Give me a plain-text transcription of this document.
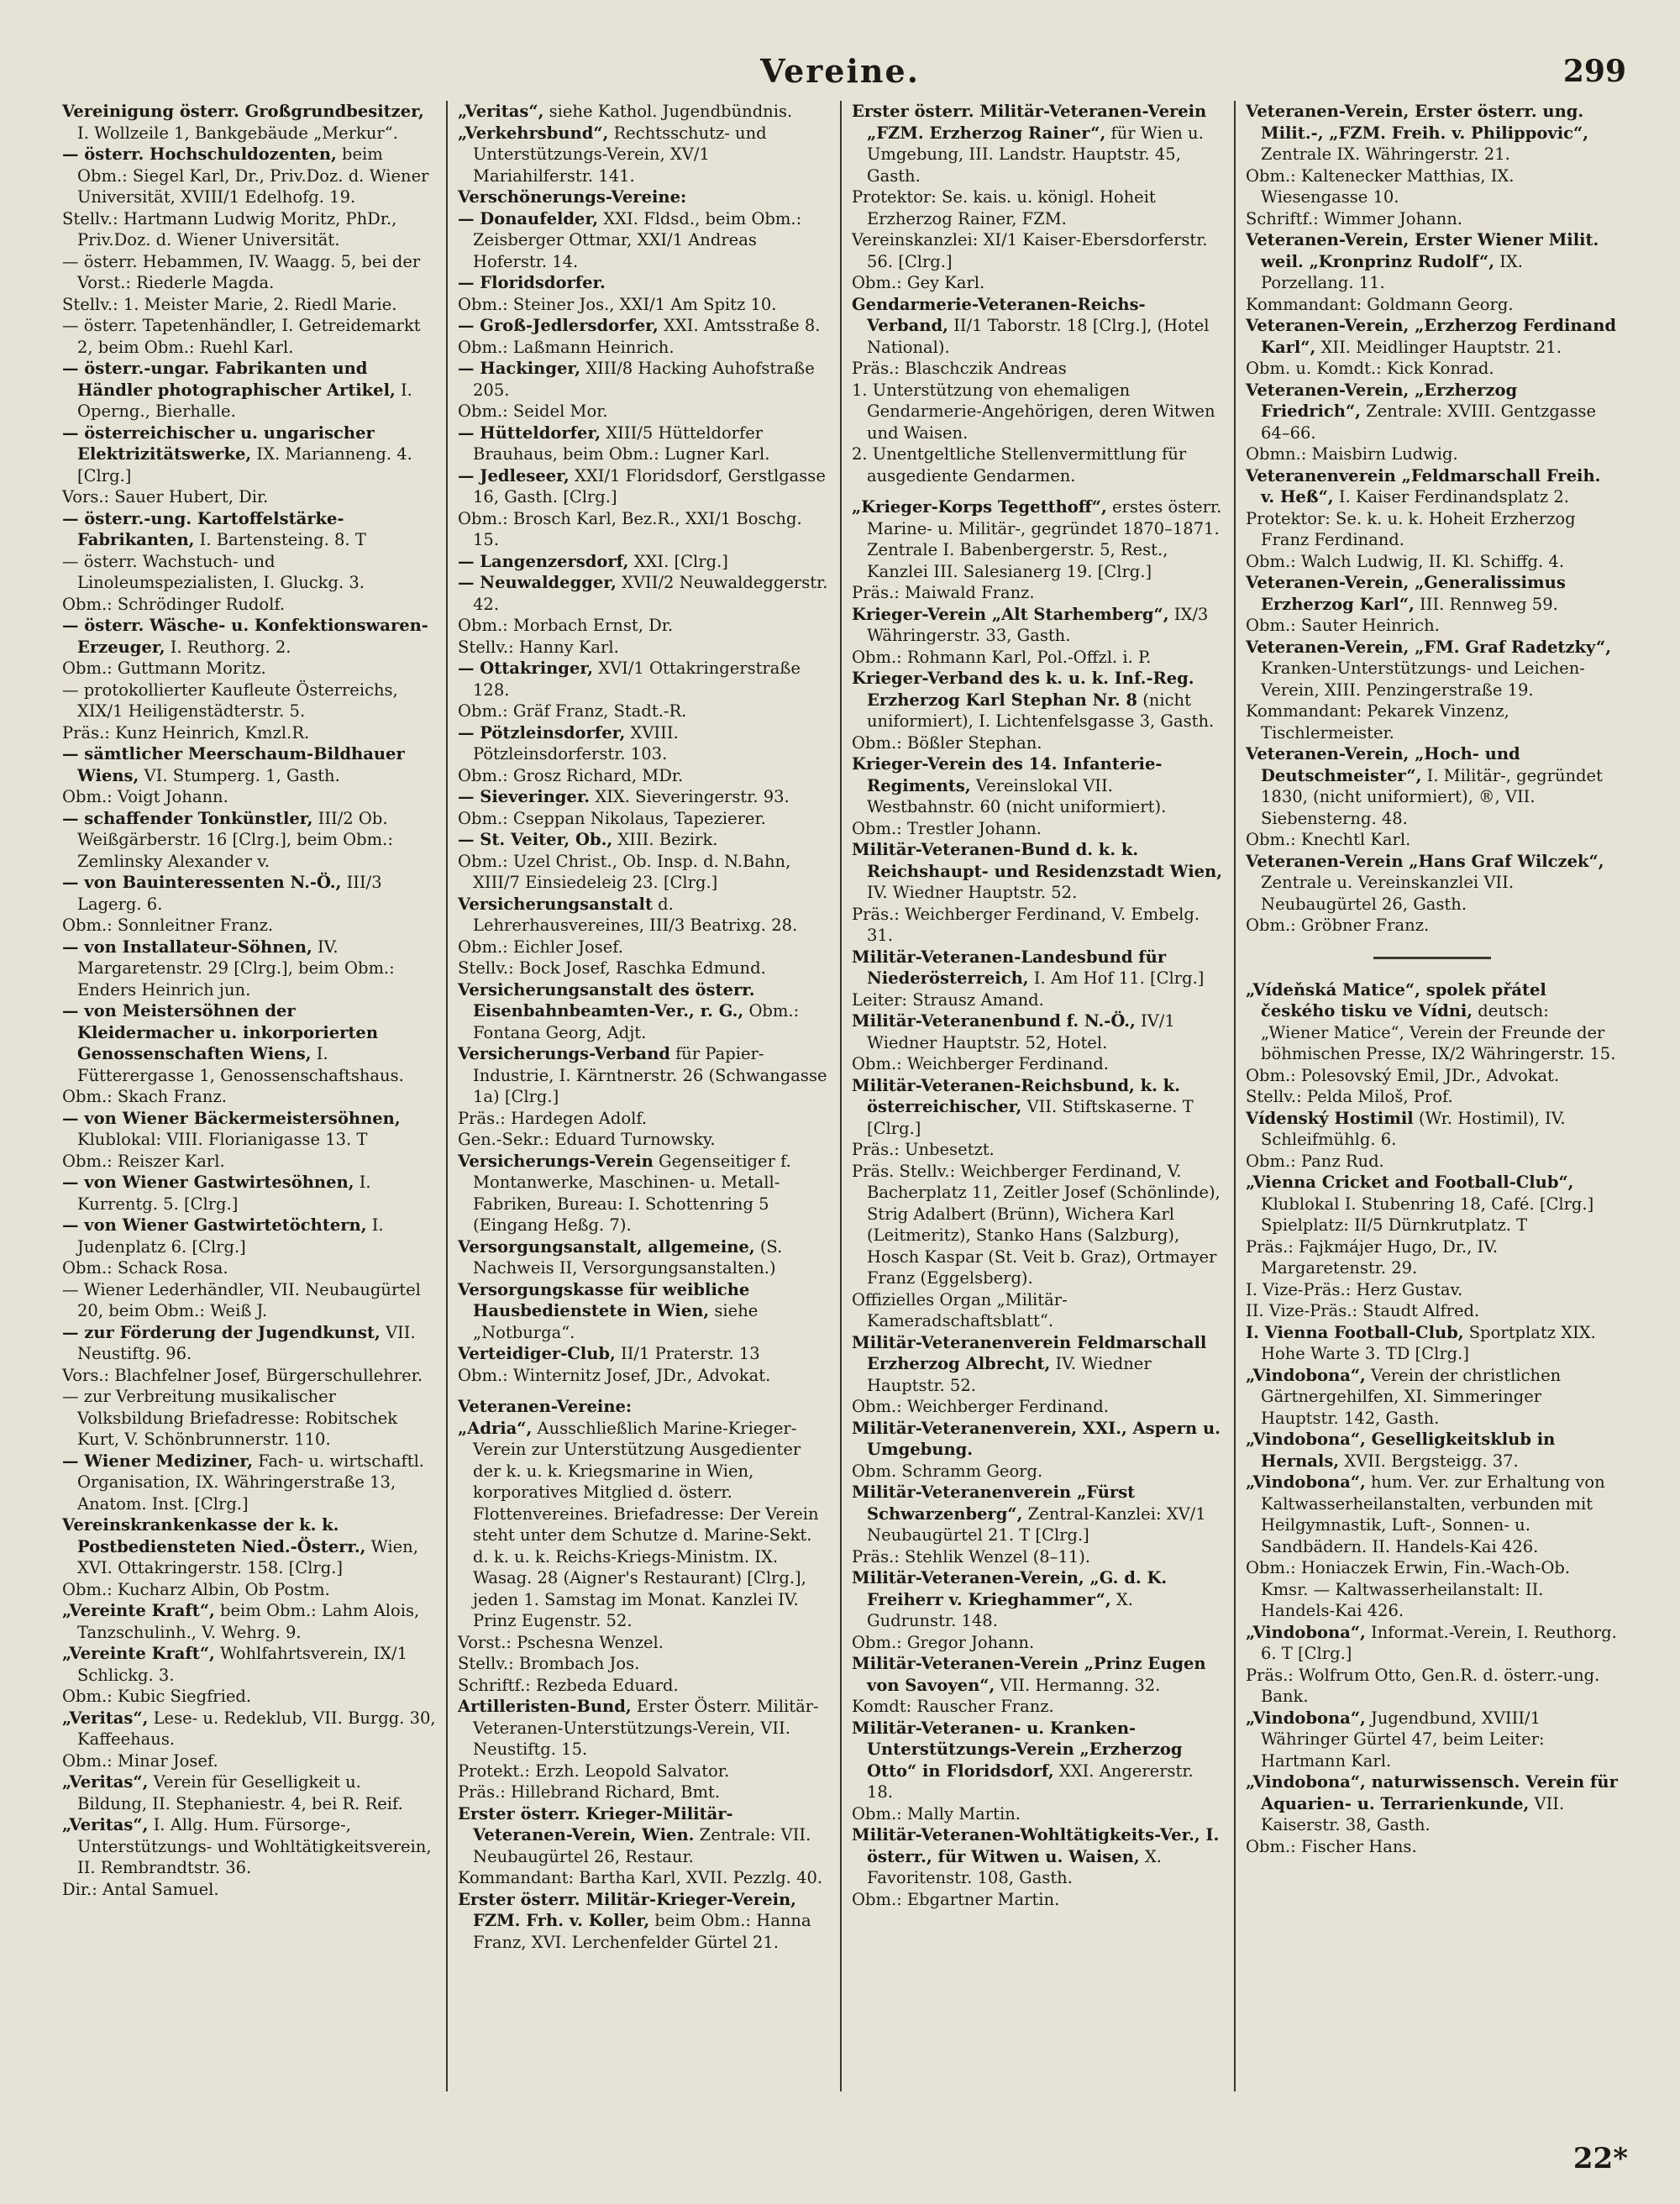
Vereine.	299

Vereinigung österr. Großgrundbesitzer, I. Wollzeile 1, Bankgebäude „Merkur“.

— österr. Hochschuldozenten, beim Obm.: Siegel Karl, Dr., Priv.Doz. d. Wiener Universität, XVIII/1 Edelhofg. 19.

Stellv.: Hartmann Ludwig Moritz, PhDr., Priv.Doz. d. Wiener Universität.

— österr. Hebammen, IV. Waagg. 5, bei der Vorst.: Riederle Magda.

Stellv.: 1. Meister Marie, 2. Riedl Marie.

— österr. Tapetenhändler, I. Getreidemarkt 2, beim Obm.: Ruehl Karl.

— österr.-ungar. Fabrikanten und Händler photographischer Artikel, I. Operng., Bierhalle.

— österreichischer u. ungarischer Elektrizitätswerke, IX. Marianneng. 4. [Clrg.]

Vors.: Sauer Hubert, Dir.

— österr.-ung. Kartoffelstärke-Fabrikanten, I. Bartensteing. 8. T

— österr. Wachstuch- und Linoleumspezialisten, I. Gluckg. 3.

Obm.: Schrödinger Rudolf.

— österr. Wäsche- u. Konfektionswaren-Erzeuger, I. Reuthorg. 2.

Obm.: Guttmann Moritz.

— protokollierter Kaufleute Österreichs, XIX/1 Heiligenstädterstr. 5.

Präs.: Kunz Heinrich, Kmzl.R.

— sämtlicher Meerschaum-Bildhauer Wiens, VI. Stumperg. 1, Gasth.

Obm.: Voigt Johann.

— schaffender Tonkünstler, III/2 Ob. Weißgärberstr. 16 [Clrg.], beim Obm.: Zemlinsky Alexander v.

— von Bauinteressenten N.-Ö., III/3 Lagerg. 6.

Obm.: Sonnleitner Franz.

— von Installateur-Söhnen, IV. Margaretenstr. 29 [Clrg.], beim Obm.: Enders Heinrich jun.

— von Meistersöhnen der Kleidermacher u. inkorporierten Genossenschaften Wiens, I. Fütterergasse 1, Genossenschaftshaus.

Obm.: Skach Franz.

— von Wiener Bäckermeistersöhnen, Klublokal: VIII. Florianigasse 13. T

Obm.: Reiszer Karl.

— von Wiener Gastwirtesöhnen, I. Kurrentg. 5. [Clrg.]

— von Wiener Gastwirtetöchtern, I. Judenplatz 6. [Clrg.]

Obm.: Schack Rosa.

— Wiener Lederhändler, VII. Neubaugürtel 20, beim Obm.: Weiß J.

— zur Förderung der Jugendkunst, VII. Neustiftg. 96.

Vors.: Blachfelner Josef, Bürgerschullehrer.

— zur Verbreitung musikalischer Volksbildung Briefadresse: Robitschek Kurt, V. Schönbrunnerstr. 110.

— Wiener Mediziner, Fach- u. wirtschaftl. Organisation, IX. Währingerstraße 13, Anatom. Inst. [Clrg.]

Vereinskrankenkasse der k. k. Postbediensteten Nied.-Österr., Wien, XVI. Ottakringerstr. 158. [Clrg.]

Obm.: Kucharz Albin, Ob Postm.

„Vereinte Kraft“, beim Obm.: Lahm Alois, Tanzschulinh., V. Wehrg. 9.

„Vereinte Kraft“, Wohlfahrtsverein, IX/1 Schlickg. 3.

Obm.: Kubic Siegfried.

„Veritas“, Lese- u. Redeklub, VII. Burgg. 30, Kaffeehaus.

Obm.: Minar Josef.

„Veritas“, Verein für Geselligkeit u. Bildung, II. Stephaniestr. 4, bei R. Reif.

„Veritas“, I. Allg. Hum. Fürsorge-, Unterstützungs- und Wohltätigkeitsverein, II. Rembrandtstr. 36.

Dir.: Antal Samuel.

„Veritas“, siehe Kathol. Jugendbündnis.

„Verkehrsbund“, Rechtsschutz- und Unterstützungs-Verein, XV/1 Mariahilferstr. 141.

Verschönerungs-Vereine:

— Donaufelder, XXI. Fldsd., beim Obm.: Zeisberger Ottmar, XXI/1 Andreas Hoferstr. 14.

— Floridsdorfer.

Obm.: Steiner Jos., XXI/1 Am Spitz 10.

— Groß-Jedlersdorfer, XXI. Amtsstraße 8.

Obm.: Laßmann Heinrich.

— Hackinger, XIII/8 Hacking Auhofstraße 205.

Obm.: Seidel Mor.

— Hütteldorfer, XIII/5 Hütteldorfer Brauhaus, beim Obm.: Lugner Karl.

— Jedleseer, XXI/1 Floridsdorf, Gerstlgasse 16, Gasth. [Clrg.]

Obm.: Brosch Karl, Bez.R., XXI/1 Boschg. 15.

— Langenzersdorf, XXI. [Clrg.]

— Neuwaldegger, XVII/2 Neuwaldeggerstr. 42.

Obm.: Morbach Ernst, Dr.

Stellv.: Hanny Karl.

— Ottakringer, XVI/1 Ottakringerstraße 128.

Obm.: Gräf Franz, Stadt.-R.

— Pötzleinsdorfer, XVIII. Pötzleinsdorferstr. 103.

Obm.: Grosz Richard, MDr.

— Sieveringer. XIX. Sieveringerstr. 93.

Obm.: Cseppan Nikolaus, Tapezierer.

— St. Veiter, Ob., XIII. Bezirk.

Obm.: Uzel Christ., Ob. Insp. d. N.Bahn, XIII/7 Einsiedeleig 23. [Clrg.]

Versicherungsanstalt d. Lehrerhausvereines, III/3 Beatrixg. 28.

Obm.: Eichler Josef.

Stellv.: Bock Josef, Raschka Edmund.

Versicherungsanstalt des österr. Eisenbahnbeamten-Ver., r. G., Obm.: Fontana Georg, Adjt.

Versicherungs-Verband für Papier-Industrie, I. Kärntnerstr. 26 (Schwangasse 1a) [Clrg.]

Präs.: Hardegen Adolf.

Gen.-Sekr.: Eduard Turnowsky.

Versicherungs-Verein Gegenseitiger f. Montanwerke, Maschinen- u. Metall-Fabriken, Bureau: I. Schottenring 5 (Eingang Heßg. 7).

Versorgungsanstalt, allgemeine, (S. Nachweis II, Versorgungsanstalten.)

Versorgungskasse für weibliche Hausbedienstete in Wien, siehe „Notburga“.

Verteidiger-Club, II/1 Praterstr. 13

Obm.: Winternitz Josef, JDr., Advokat.

Veteranen-Vereine:

„Adria“, Ausschließlich Marine-Krieger-Verein zur Unterstützung Ausgedienter der k. u. k. Kriegsmarine in Wien, korporatives Mitglied d. österr. Flottenvereines. Briefadresse: Der Verein steht unter dem Schutze d. Marine-Sekt. d. k. u. k. Reichs-Kriegs-Ministm. IX. Wasag. 28 (Aigner's Restaurant) [Clrg.], jeden 1. Samstag im Monat. Kanzlei IV. Prinz Eugenstr. 52.

Vorst.: Pschesna Wenzel.

Stellv.: Brombach Jos.

Schriftf.: Rezbeda Eduard.

Artilleristen-Bund, Erster Österr. Militär-Veteranen-Unterstützungs-Verein, VII. Neustiftg. 15.

Protekt.: Erzh. Leopold Salvator.

Präs.: Hillebrand Richard, Bmt.

Erster österr. Krieger-Militär-Veteranen-Verein, Wien. Zentrale: VII. Neubaugürtel 26, Restaur.

Kommandant: Bartha Karl, XVII. Pezzlg. 40.

Erster österr. Militär-Krieger-Verein, FZM. Frh. v. Koller, beim Obm.: Hanna Franz, XVI. Lerchenfelder Gürtel 21.

Erster österr. Militär-Veteranen-Verein „FZM. Erzherzog Rainer“, für Wien u. Umgebung, III. Landstr. Hauptstr. 45, Gasth.

Protektor: Se. kais. u. königl. Hoheit Erzherzog Rainer, FZM.

Vereinskanzlei: XI/1 Kaiser-Ebersdorferstr. 56. [Clrg.]

Obm.: Gey Karl.

Gendarmerie-Veteranen-Reichs-Verband, II/1 Taborstr. 18 [Clrg.], (Hotel National).

Präs.: Blaschczik Andreas

1. Unterstützung von ehemaligen Gendarmerie-Angehörigen, deren Witwen und Waisen.

2. Unentgeltliche Stellenvermittlung für ausgediente Gendarmen.

„Krieger-Korps Tegetthoff“, erstes österr. Marine- u. Militär-, gegründet 1870–1871. Zentrale I. Babenbergerstr. 5, Rest., Kanzlei III. Salesianerg 19. [Clrg.]

Präs.: Maiwald Franz.

Krieger-Verein „Alt Starhemberg“, IX/3 Währingerstr. 33, Gasth.

Obm.: Rohmann Karl, Pol.-Offzl. i. P.

Krieger-Verband des k. u. k. Inf.-Reg. Erzherzog Karl Stephan Nr. 8 (nicht uniformiert), I. Lichtenfelsgasse 3, Gasth.

Obm.: Bößler Stephan.

Krieger-Verein des 14. Infanterie-Regiments, Vereinslokal VII. Westbahnstr. 60 (nicht uniformiert).

Obm.: Trestler Johann.

Militär-Veteranen-Bund d. k. k. Reichshaupt- und Residenzstadt Wien, IV. Wiedner Hauptstr. 52.

Präs.: Weichberger Ferdinand, V. Embelg. 31.

Militär-Veteranen-Landesbund für Niederösterreich, I. Am Hof 11. [Clrg.]

Leiter: Strausz Amand.

Militär-Veteranenbund f. N.-Ö., IV/1 Wiedner Hauptstr. 52, Hotel.

Obm.: Weichberger Ferdinand.

Militär-Veteranen-Reichsbund, k. k. österreichischer, VII. Stiftskaserne. T [Clrg.]

Präs.: Unbesetzt.

Präs. Stellv.: Weichberger Ferdinand, V. Bacherplatz 11, Zeitler Josef (Schönlinde), Strig Adalbert (Brünn), Wichera Karl (Leitmeritz), Stanko Hans (Salzburg), Hosch Kaspar (St. Veit b. Graz), Ortmayer Franz (Eggelsberg).

Offizielles Organ „Militär-Kameradschaftsblatt“.

Militär-Veteranenverein Feldmarschall Erzherzog Albrecht, IV. Wiedner Hauptstr. 52.

Obm.: Weichberger Ferdinand.

Militär-Veteranenverein, XXI., Aspern u. Umgebung.

Obm. Schramm Georg.

Militär-Veteranenverein „Fürst Schwarzenberg“, Zentral-Kanzlei: XV/1 Neubaugürtel 21. T [Clrg.]

Präs.: Stehlik Wenzel (8–11).

Militär-Veteranen-Verein, „G. d. K. Freiherr v. Krieghammer“, X. Gudrunstr. 148.

Obm.: Gregor Johann.

Militär-Veteranen-Verein „Prinz Eugen von Savoyen“, VII. Hermanng. 32.

Komdt: Rauscher Franz.

Militär-Veteranen- u. Kranken-Unterstützungs-Verein „Erzherzog Otto“ in Floridsdorf, XXI. Angererstr. 18.

Obm.: Mally Martin.

Militär-Veteranen-Wohltätigkeits-Ver., I. österr., für Witwen u. Waisen, X. Favoritenstr. 108, Gasth.

Obm.: Ebgartner Martin.

Veteranen-Verein, Erster österr. ung. Milit.-, „FZM. Freih. v. Philippovic“, Zentrale IX. Währingerstr. 21.

Obm.: Kaltenecker Matthias, IX. Wiesengasse 10.

Schriftf.: Wimmer Johann.

Veteranen-Verein, Erster Wiener Milit. weil. „Kronprinz Rudolf“, IX. Porzellang. 11.

Kommandant: Goldmann Georg.

Veteranen-Verein, „Erzherzog Ferdinand Karl“, XII. Meidlinger Hauptstr. 21.

Obm. u. Komdt.: Kick Konrad.

Veteranen-Verein, „Erzherzog Friedrich“, Zentrale: XVIII. Gentzgasse 64–66.

Obmn.: Maisbirn Ludwig.

Veteranenverein „Feldmarschall Freih. v. Heß“, I. Kaiser Ferdinandsplatz 2.

Protektor: Se. k. u. k. Hoheit Erzherzog Franz Ferdinand.

Obm.: Walch Ludwig, II. Kl. Schiffg. 4.

Veteranen-Verein, „Generalissimus Erzherzog Karl“, III. Rennweg 59.

Obm.: Sauter Heinrich.

Veteranen-Verein, „FM. Graf Radetzky“, Kranken-Unterstützungs- und Leichen-Verein, XIII. Penzingerstraße 19.

Kommandant: Pekarek Vinzenz, Tischlermeister.

Veteranen-Verein, „Hoch- und Deutschmeister“, I. Militär-, gegründet 1830, (nicht uniformiert), ®, VII. Siebensterng. 48.

Obm.: Knechtl Karl.

Veteranen-Verein „Hans Graf Wilczek“, Zentrale u. Vereinskanzlei VII. Neubaugürtel 26, Gasth.

Obm.: Gröbner Franz.

„Vídeňská Matice“, spolek přátel českého tisku ve Vídni, deutsch: „Wiener Matice“, Verein der Freunde der böhmischen Presse, IX/2 Währingerstr. 15.

Obm.: Polesovský Emil, JDr., Advokat.

Stellv.: Pelda Miloš, Prof.

Vídenský Hostimil (Wr. Hostimil), IV. Schleifmühlg. 6.

Obm.: Panz Rud.

„Vienna Cricket and Football-Club“, Klublokal I. Stubenring 18, Café. [Clrg.] Spielplatz: II/5 Dürnkrutplatz. T

Präs.: Fajkmájer Hugo, Dr., IV. Margaretenstr. 29.

I. Vize-Präs.: Herz Gustav.

II. Vize-Präs.: Staudt Alfred.

I. Vienna Football-Club, Sportplatz XIX. Hohe Warte 3. TD [Clrg.]

„Vindobona“, Verein der christlichen Gärtnergehilfen, XI. Simmeringer Hauptstr. 142, Gasth.

„Vindobona“, Geselligkeitsklub in Hernals, XVII. Bergsteigg. 37.

„Vindobona“, hum. Ver. zur Erhaltung von Kaltwasserheilanstalten, verbunden mit Heilgymnastik, Luft-, Sonnen- u. Sandbädern. II. Handels-Kai 426.

Obm.: Honiaczek Erwin, Fin.-Wach-Ob. Kmsr. — Kaltwasserheilanstalt: II. Handels-Kai 426.

„Vindobona“, Informat.-Verein, I. Reuthorg. 6. T [Clrg.]

Präs.: Wolfrum Otto, Gen.R. d. österr.-ung. Bank.

„Vindobona“, Jugendbund, XVIII/1 Währinger Gürtel 47, beim Leiter: Hartmann Karl.

„Vindobona“, naturwissensch. Verein für Aquarien- u. Terrarienkunde, VII. Kaiserstr. 38, Gasth.

Obm.: Fischer Hans.

22*
